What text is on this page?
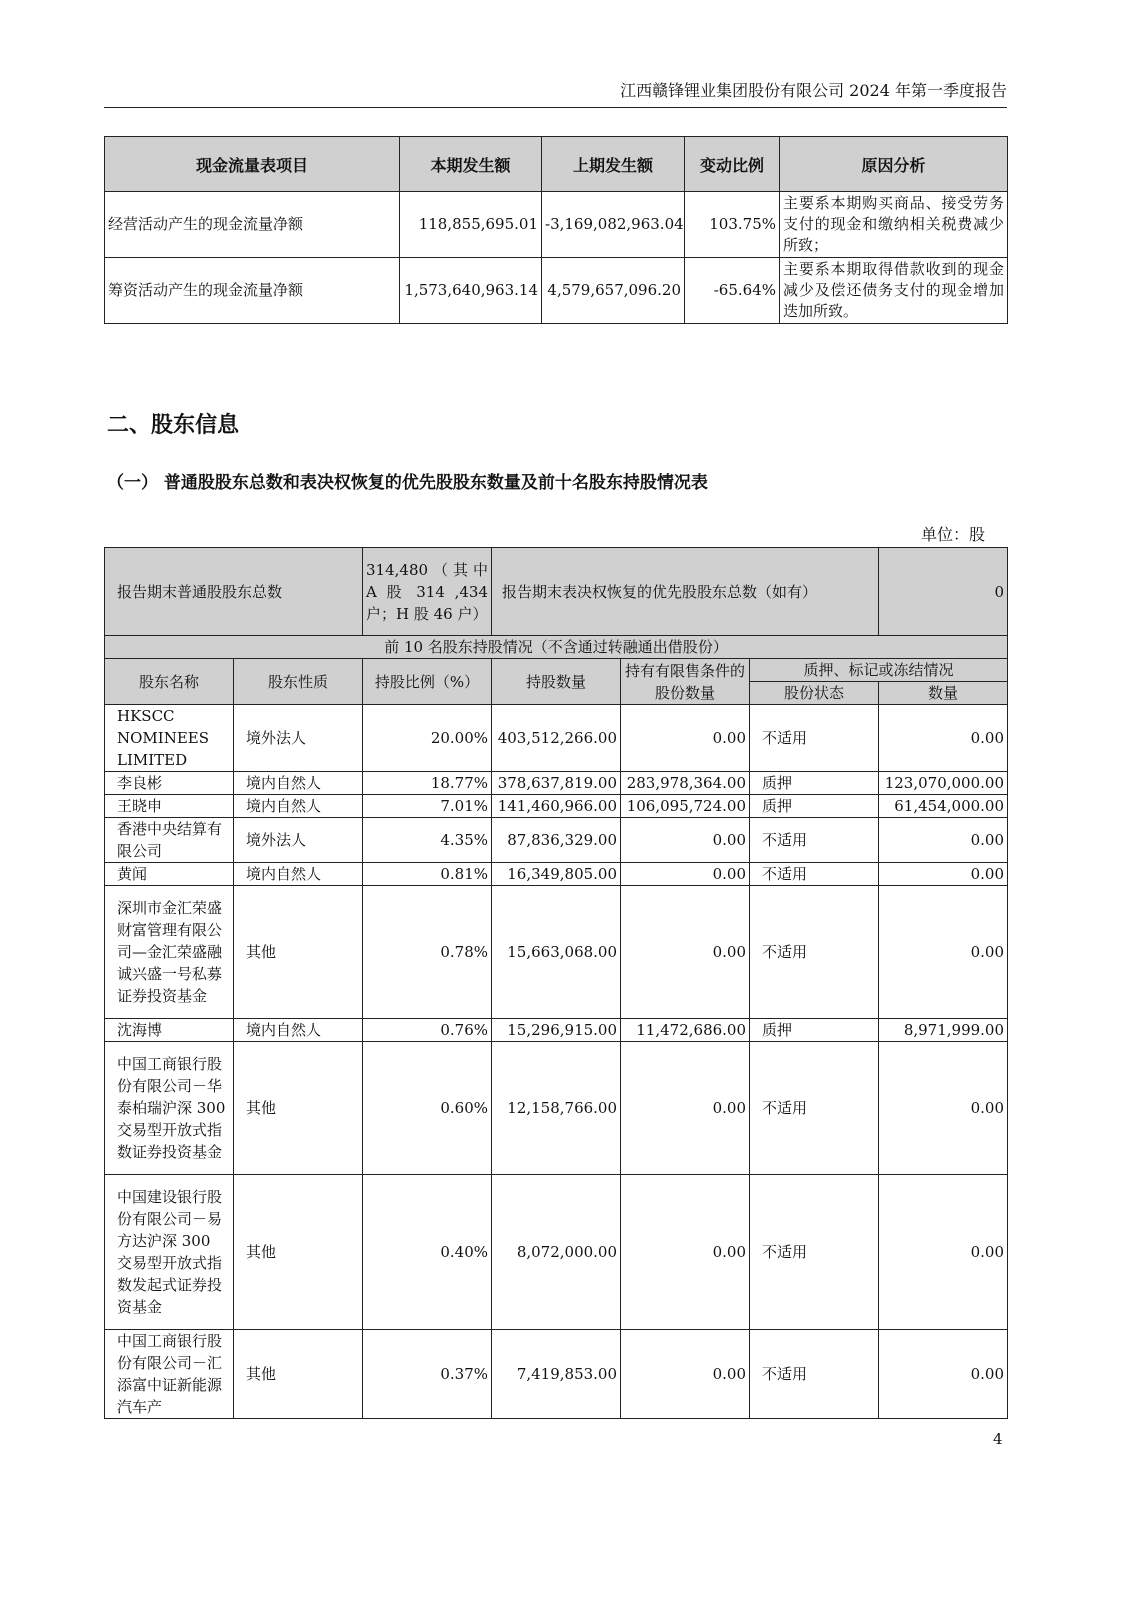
江西赣锋锂业集团股份有限公司 2024 年第一季度报告
现金流量表项目	本期发生额	上期发生额	变动比例	原因分析
经营活动产生的现金流量净额	118,855,695.01	-3,169,082,963.04	103.75%	主要系本期购买商品、接受劳务支付的现金和缴纳相关税费减少所致；
筹资活动产生的现金流量净额	1,573,640,963.14	4,579,657,096.20	-65.64%	主要系本期取得借款收到的现金减少及偿还债务支付的现金增加迭加所致。
二、股东信息
（一） 普通股股东总数和表决权恢复的优先股股东数量及前十名股东持股情况表
单位：股
报告期末普通股股东总数		314,480（其中 A 股 314 ,434 户；H 股 46 户）	报告期末表决权恢复的优先股股东总数（如有）			0
前 10 名股东持股情况（不含通过转融通出借股份）						
股东名称	股东性质	持股比例（%）	持股数量	持有有限售条件的股份数量	质押、标记或冻结情况	
					股份状态	数量
HKSCC NOMINEES LIMITED	境外法人	20.00%	403,512,266.00	0.00	不适用	0.00
李良彬	境内自然人	18.77%	378,637,819.00	283,978,364.00	质押	123,070,000.00
王晓申	境内自然人	7.01%	141,460,966.00	106,095,724.00	质押	61,454,000.00
香港中央结算有限公司	境外法人	4.35%	87,836,329.00	0.00	不适用	0.00
黄闻	境内自然人	0.81%	16,349,805.00	0.00	不适用	0.00
深圳市金汇荣盛财富管理有限公司—金汇荣盛融诚兴盛一号私募证券投资基金	其他	0.78%	15,663,068.00	0.00	不适用	0.00
沈海博	境内自然人	0.76%	15,296,915.00	11,472,686.00	质押	8,971,999.00
中国工商银行股份有限公司－华泰柏瑞沪深 300 交易型开放式指数证券投资基金	其他	0.60%	12,158,766.00	0.00	不适用	0.00
中国建设银行股份有限公司－易方达沪深 300 交易型开放式指数发起式证券投资基金	其他	0.40%	8,072,000.00	0.00	不适用	0.00
中国工商银行股份有限公司－汇添富中证新能源汽车产	其他	0.37%	7,419,853.00	0.00	不适用	0.00
4
